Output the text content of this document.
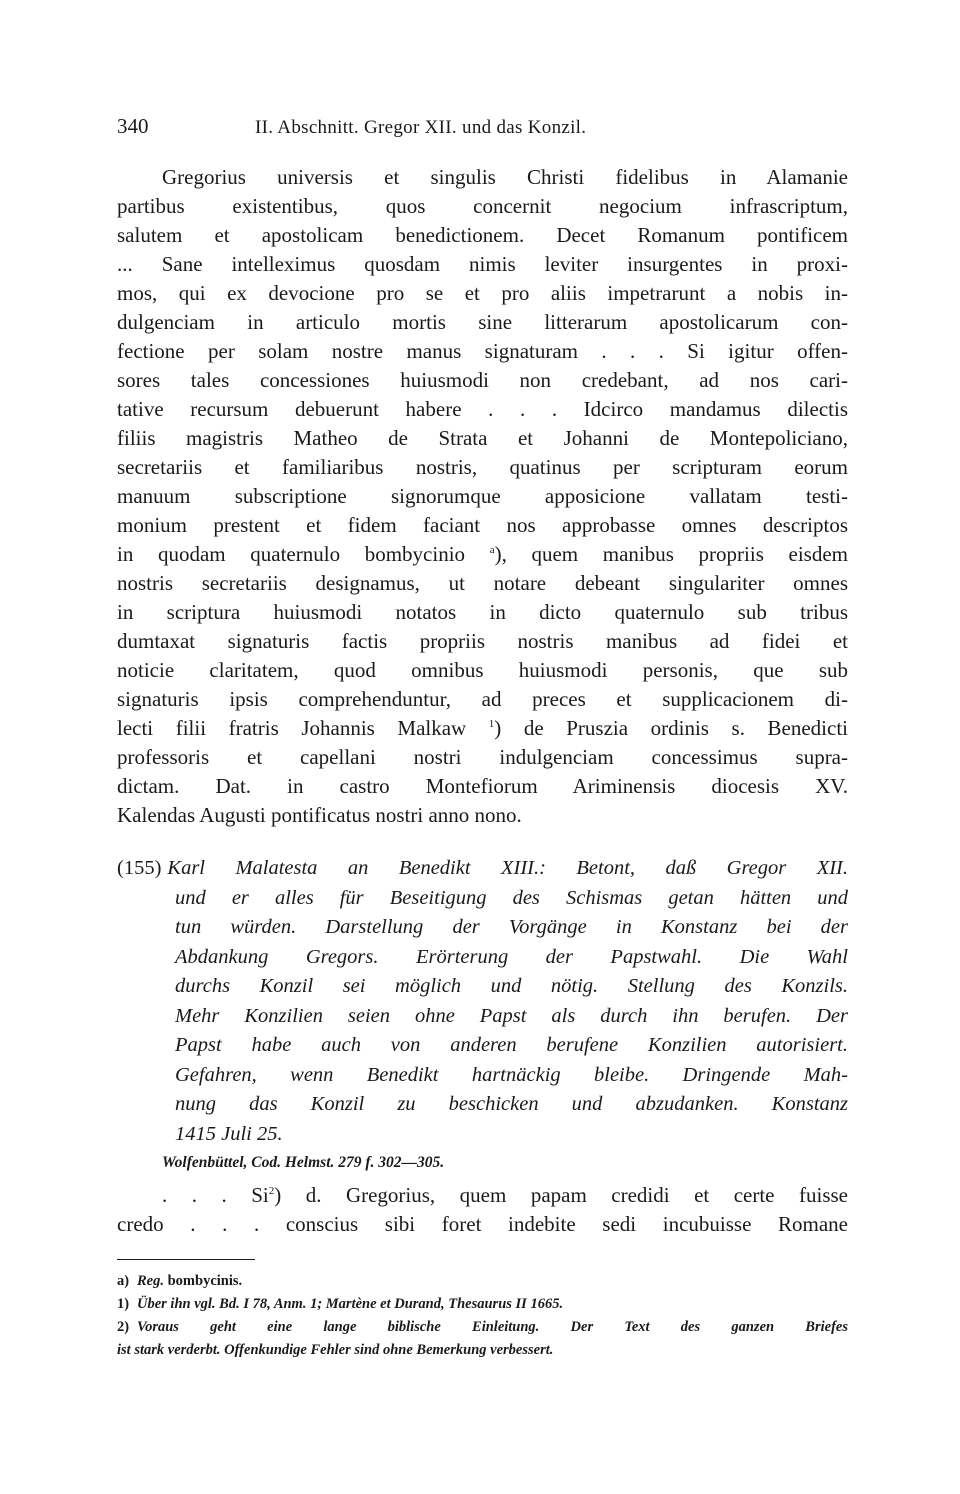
340	II. Abschnitt. Gregor XII. und das Konzil.
Gregorius universis et singulis Christi fidelibus in Alamanie
partibus existentibus, quos concernit negocium infrascriptum,
salutem et apostolicam benedictionem. Decet Romanum pontificem
... Sane intelleximus quosdam nimis leviter insurgentes in proxi-
mos, qui ex devocione pro se et pro aliis impetrarunt a nobis in-
dulgenciam in articulo mortis sine litterarum apostolicarum con-
fectione per solam nostre manus signaturam . . . Si igitur offen-
sores tales concessiones huiusmodi non credebant, ad nos cari-
tative recursum debuerunt habere . . . Idcirco mandamus dilectis
filiis magistris Matheo de Strata et Johanni de Montepoliciano,
secretariis et familiaribus nostris, quatinus per scripturam eorum
manuum subscriptione signorumque apposicione vallatam testi-
monium prestent et fidem faciant nos approbasse omnes descriptos
in quodam quaternulo bombycinio $^a$), quem manibus propriis eisdem
nostris secretariis designamus, ut notare debeant singulariter omnes
in scriptura huiusmodi notatos in dicto quaternulo sub tribus
dumtaxat signaturis factis propriis nostris manibus ad fidei et
noticie claritatem, quod omnibus huiusmodi personis, que sub
signaturis ipsis comprehenduntur, ad preces et supplicacionem di-
lecti filii fratris Johannis Malkaw $^1$) de Pruszia ordinis s. Benedicti
professoris et capellani nostri indulgenciam concessimus supra-
dictam. Dat. in castro Montefiorum Ariminensis diocesis XV.
Kalendas Augusti pontificatus nostri anno nono.
(155) Karl Malatesta an Benedikt XIII.: Betont, daß Gregor XII.
und er alles für Beseitigung des Schismas getan hätten und
tun würden. Darstellung der Vorgänge in Konstanz bei der
Abdankung Gregors. Erörterung der Papstwahl. Die Wahl
durchs Konzil sei möglich und nötig. Stellung des Konzils.
Mehr Konzilien seien ohne Papst als durch ihn berufen. Der
Papst habe auch von anderen berufene Konzilien autorisiert.
Gefahren, wenn Benedikt hartnäckig bleibe. Dringende Mah-
nung das Konzil zu beschicken und abzudanken. Konstanz
1415 Juli 25.
Wolfenbüttel, Cod. Helmst. 279 f. 302—305.
. . . Si$^2$) d. Gregorius, quem papam credidi et certe fuisse
credo . . . conscius sibi foret indebite sedi incubuisse Romane
a) Reg. bombycinis.
1) Über ihn vgl. Bd. I 78, Anm. 1; Martène et Durand, Thesaurus II 1665.
2) Voraus geht eine lange biblische Einleitung. Der Text des ganzen Briefes
ist stark verderbt. Offenkundige Fehler sind ohne Bemerkung verbessert.
